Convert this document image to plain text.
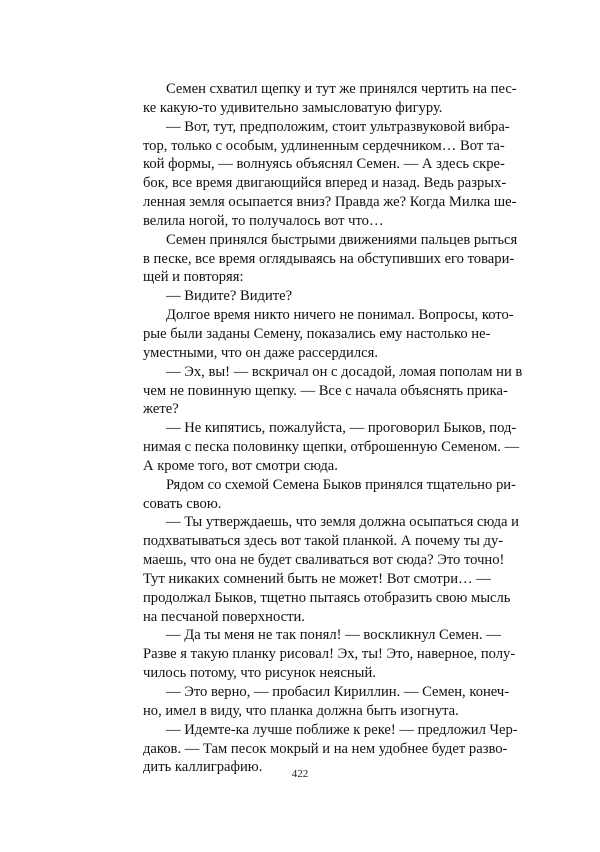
Семен схватил щепку и тут же принялся чертить на пес-
ке какую-то удивительно замысловатую фигуру.

— Вот, тут, предположим, стоит ультразвуковой вибра-
тор, только с особым, удлиненным сердечником… Вот та-
кой формы, — волнуясь объяснял Семен. — А здесь скре-
бок, все время двигающийся вперед и назад. Ведь разрых-
ленная земля осыпается вниз? Правда же? Когда Милка ше-
велила ногой, то получалось вот что…

Семен принялся быстрыми движениями пальцев рыться
в песке, все время оглядываясь на обступивших его товари-
щей и повторяя:

— Видите? Видите?

Долгое время никто ничего не понимал. Вопросы, кото-
рые были заданы Семену, показались ему настолько не-
уместными, что он даже рассердился.

— Эх, вы! — вскричал он с досадой, ломая пополам ни в
чем не повинную щепку. — Все с начала объяснять прика-
жете?

— Не кипятись, пожалуйста, — проговорил Быков, под-
нимая с песка половинку щепки, отброшенную Семеном. —
А кроме того, вот смотри сюда.

Рядом со схемой Семена Быков принялся тщательно ри-
совать свою.

— Ты утверждаешь, что земля должна осыпаться сюда и
подхватываться здесь вот такой планкой. А почему ты ду-
маешь, что она не будет сваливаться вот сюда? Это точно!
Тут никаких сомнений быть не может! Вот смотри… —
продолжал Быков, тщетно пытаясь отобразить свою мысль
на песчаной поверхности.

— Да ты меня не так понял! — воскликнул Семен. —
Разве я такую планку рисовал! Эх, ты! Это, наверное, полу-
чилось потому, что рисунок неясный.

— Это верно, — пробасил Кириллин. — Семен, конеч-
но, имел в виду, что планка должна быть изогнута.

— Идемте-ка лучше поближе к реке! — предложил Чер-
даков. — Там песок мокрый и на нем удобнее будет разво-
дить каллиграфию.	422
